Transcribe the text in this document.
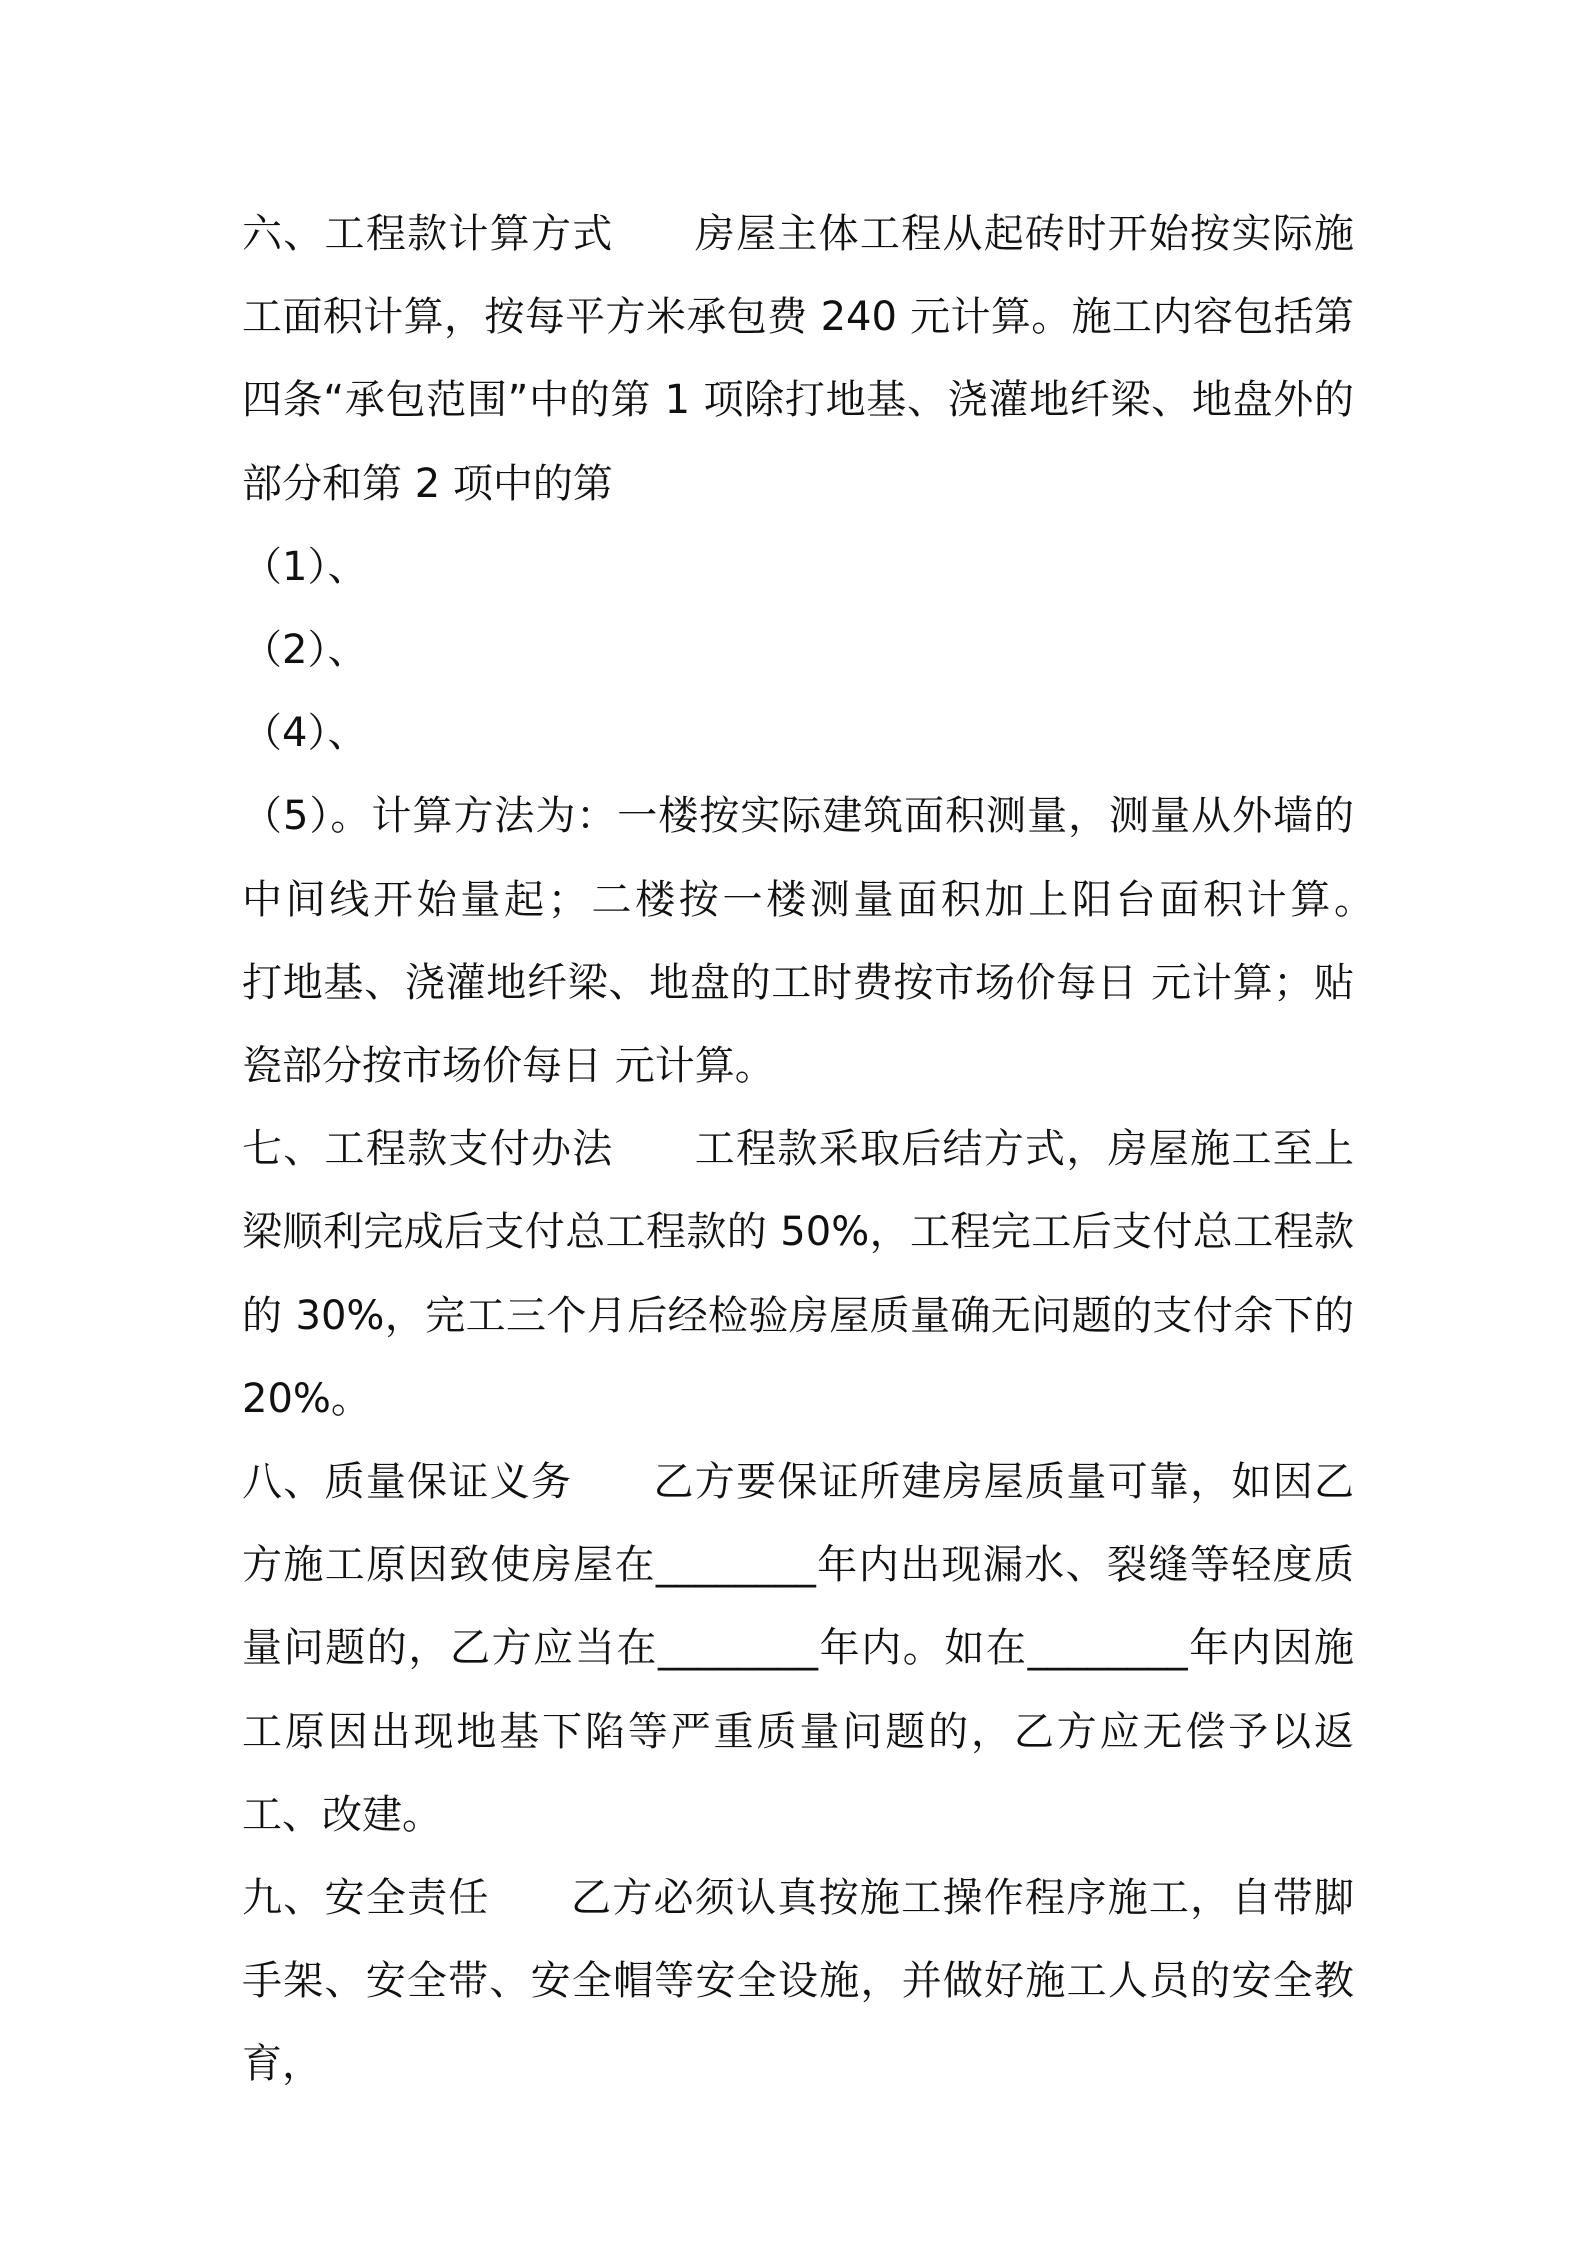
六、工程款计算方式 房屋主体工程从起砖时开始按实际施工面积计算，按每平方米承包费 240 元计算。施工内容包括第四条“承包范围”中的第 1 项除打地基、浇灌地纤梁、地盘外的部分和第 2 项中的第

（1）、

（2）、

（4）、

（5）。计算方法为：一楼按实际建筑面积测量，测量从外墙的中间线开始量起；二楼按一楼测量面积加上阳台面积计算。　　打地基、浇灌地纤梁、地盘的工时费按市场价每日 元计算；贴瓷部分按市场价每日 元计算。

七、工程款支付办法 工程款采取后结方式，房屋施工至上梁顺利完成后支付总工程款的 50%，工程完工后支付总工程款的 30%，完工三个月后经检验房屋质量确无问题的支付余下的 20%。

八、质量保证义务 乙方要保证所建房屋质量可靠，如因乙方施工原因致使房屋在________年内出现漏水、裂缝等轻度质量问题的，乙方应当在________年内。如在________年内因施工原因出现地基下陷等严重质量问题的，乙方应无偿予以返工、改建。

九、安全责任 乙方必须认真按施工操作程序施工，自带脚手架、安全带、安全帽等安全设施，并做好施工人员的安全教育，
